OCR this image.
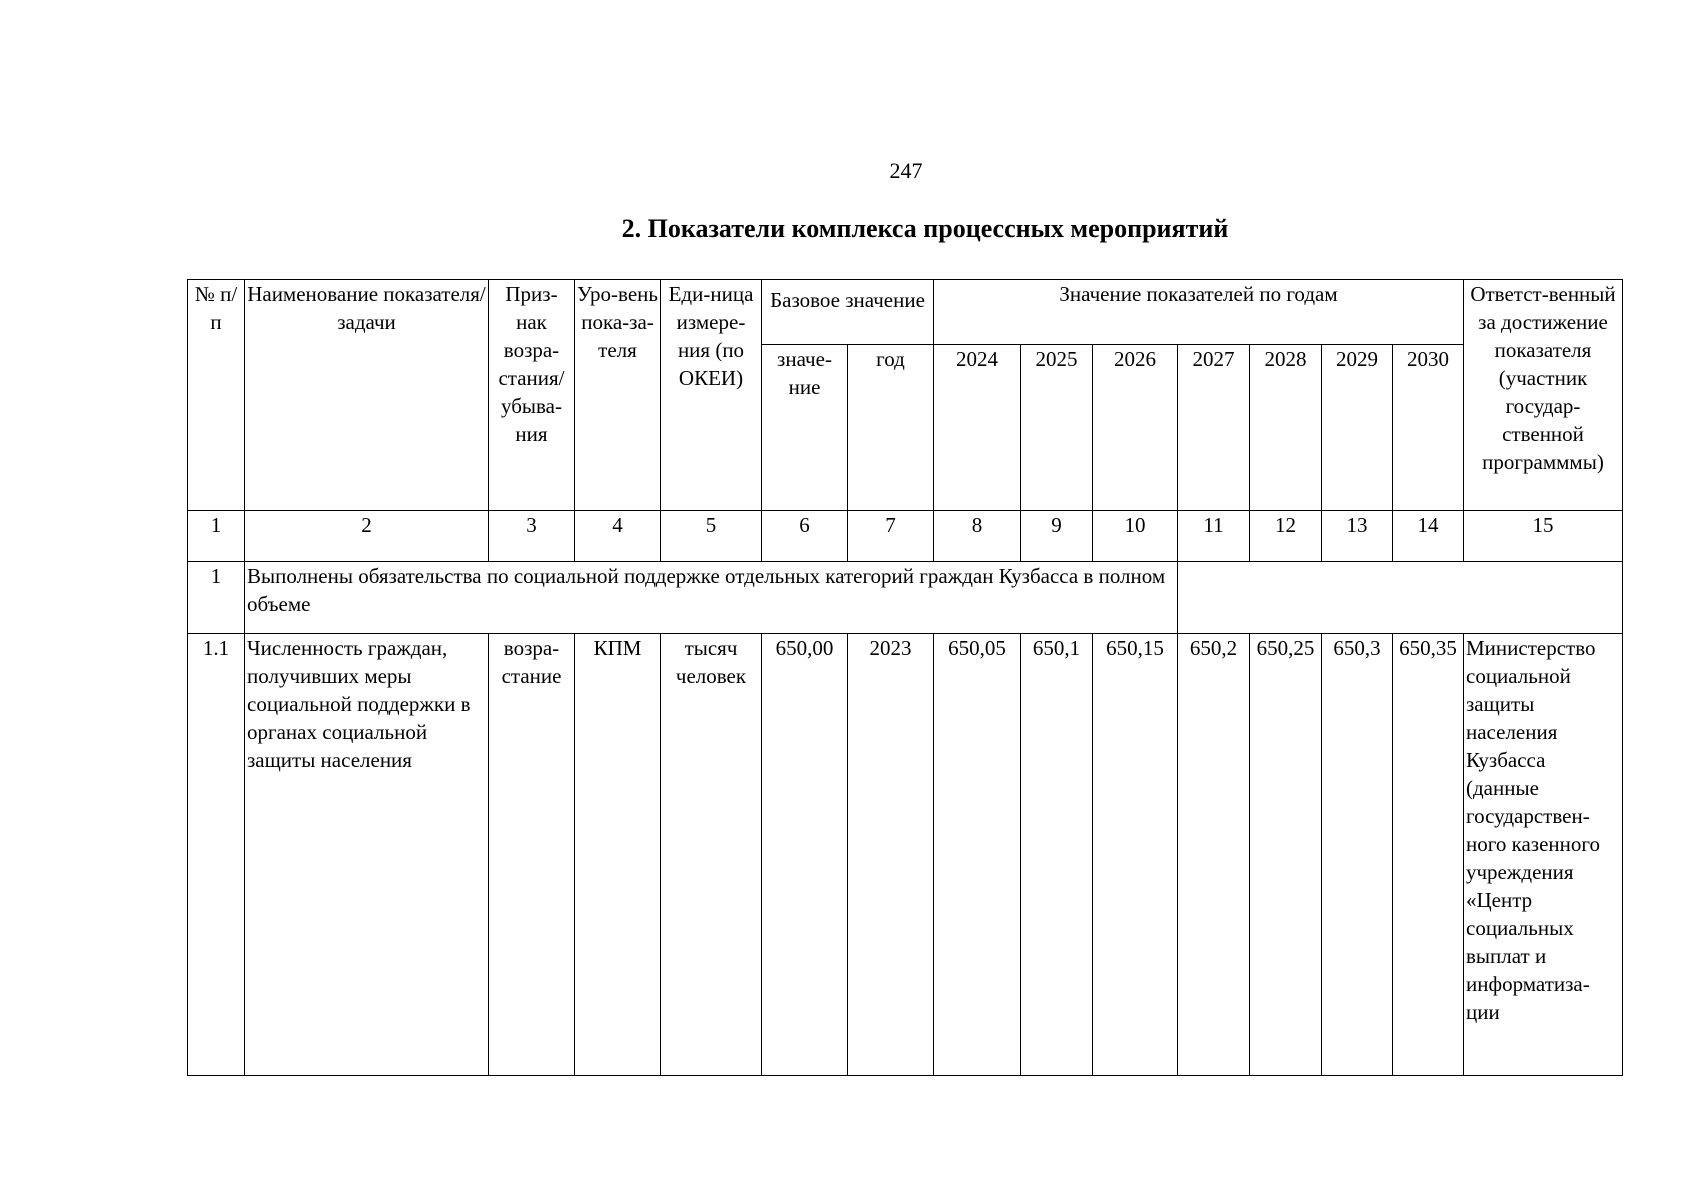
247
2. Показатели комплекса процессных мероприятий
№ п/п	Наименование показателя/задачи	Приз-нак возра-стания/ убыва-ния	Уро-вень пока-за-теля	Еди-ница измере-ния (по ОКЕИ)	Базовое значение		Значение показателей по годам							Ответст-венный за достижение показателя (участник государ-ственной программмы)
					значе-ние	год	2024	2025	2026	2027	2028	2029	2030	
1	2	3	4	5	6	7	8	9	10	11	12	13	14	15
1	Выполнены обязательства по социальной поддержке отдельных категорий граждан Кузбасса в полном объеме													
1.1	Численность граждан, получивших меры социальной поддержки в органах социальной защиты населения	возра-стание	КПМ	тысяч человек	650,00	2023	650,05	650,1	650,15	650,2	650,25	650,3	650,35	Министерство социальной защиты населения Кузбасса (данные государствен-ного казенного учреждения «Центр социальных выплат и информатиза-ции
